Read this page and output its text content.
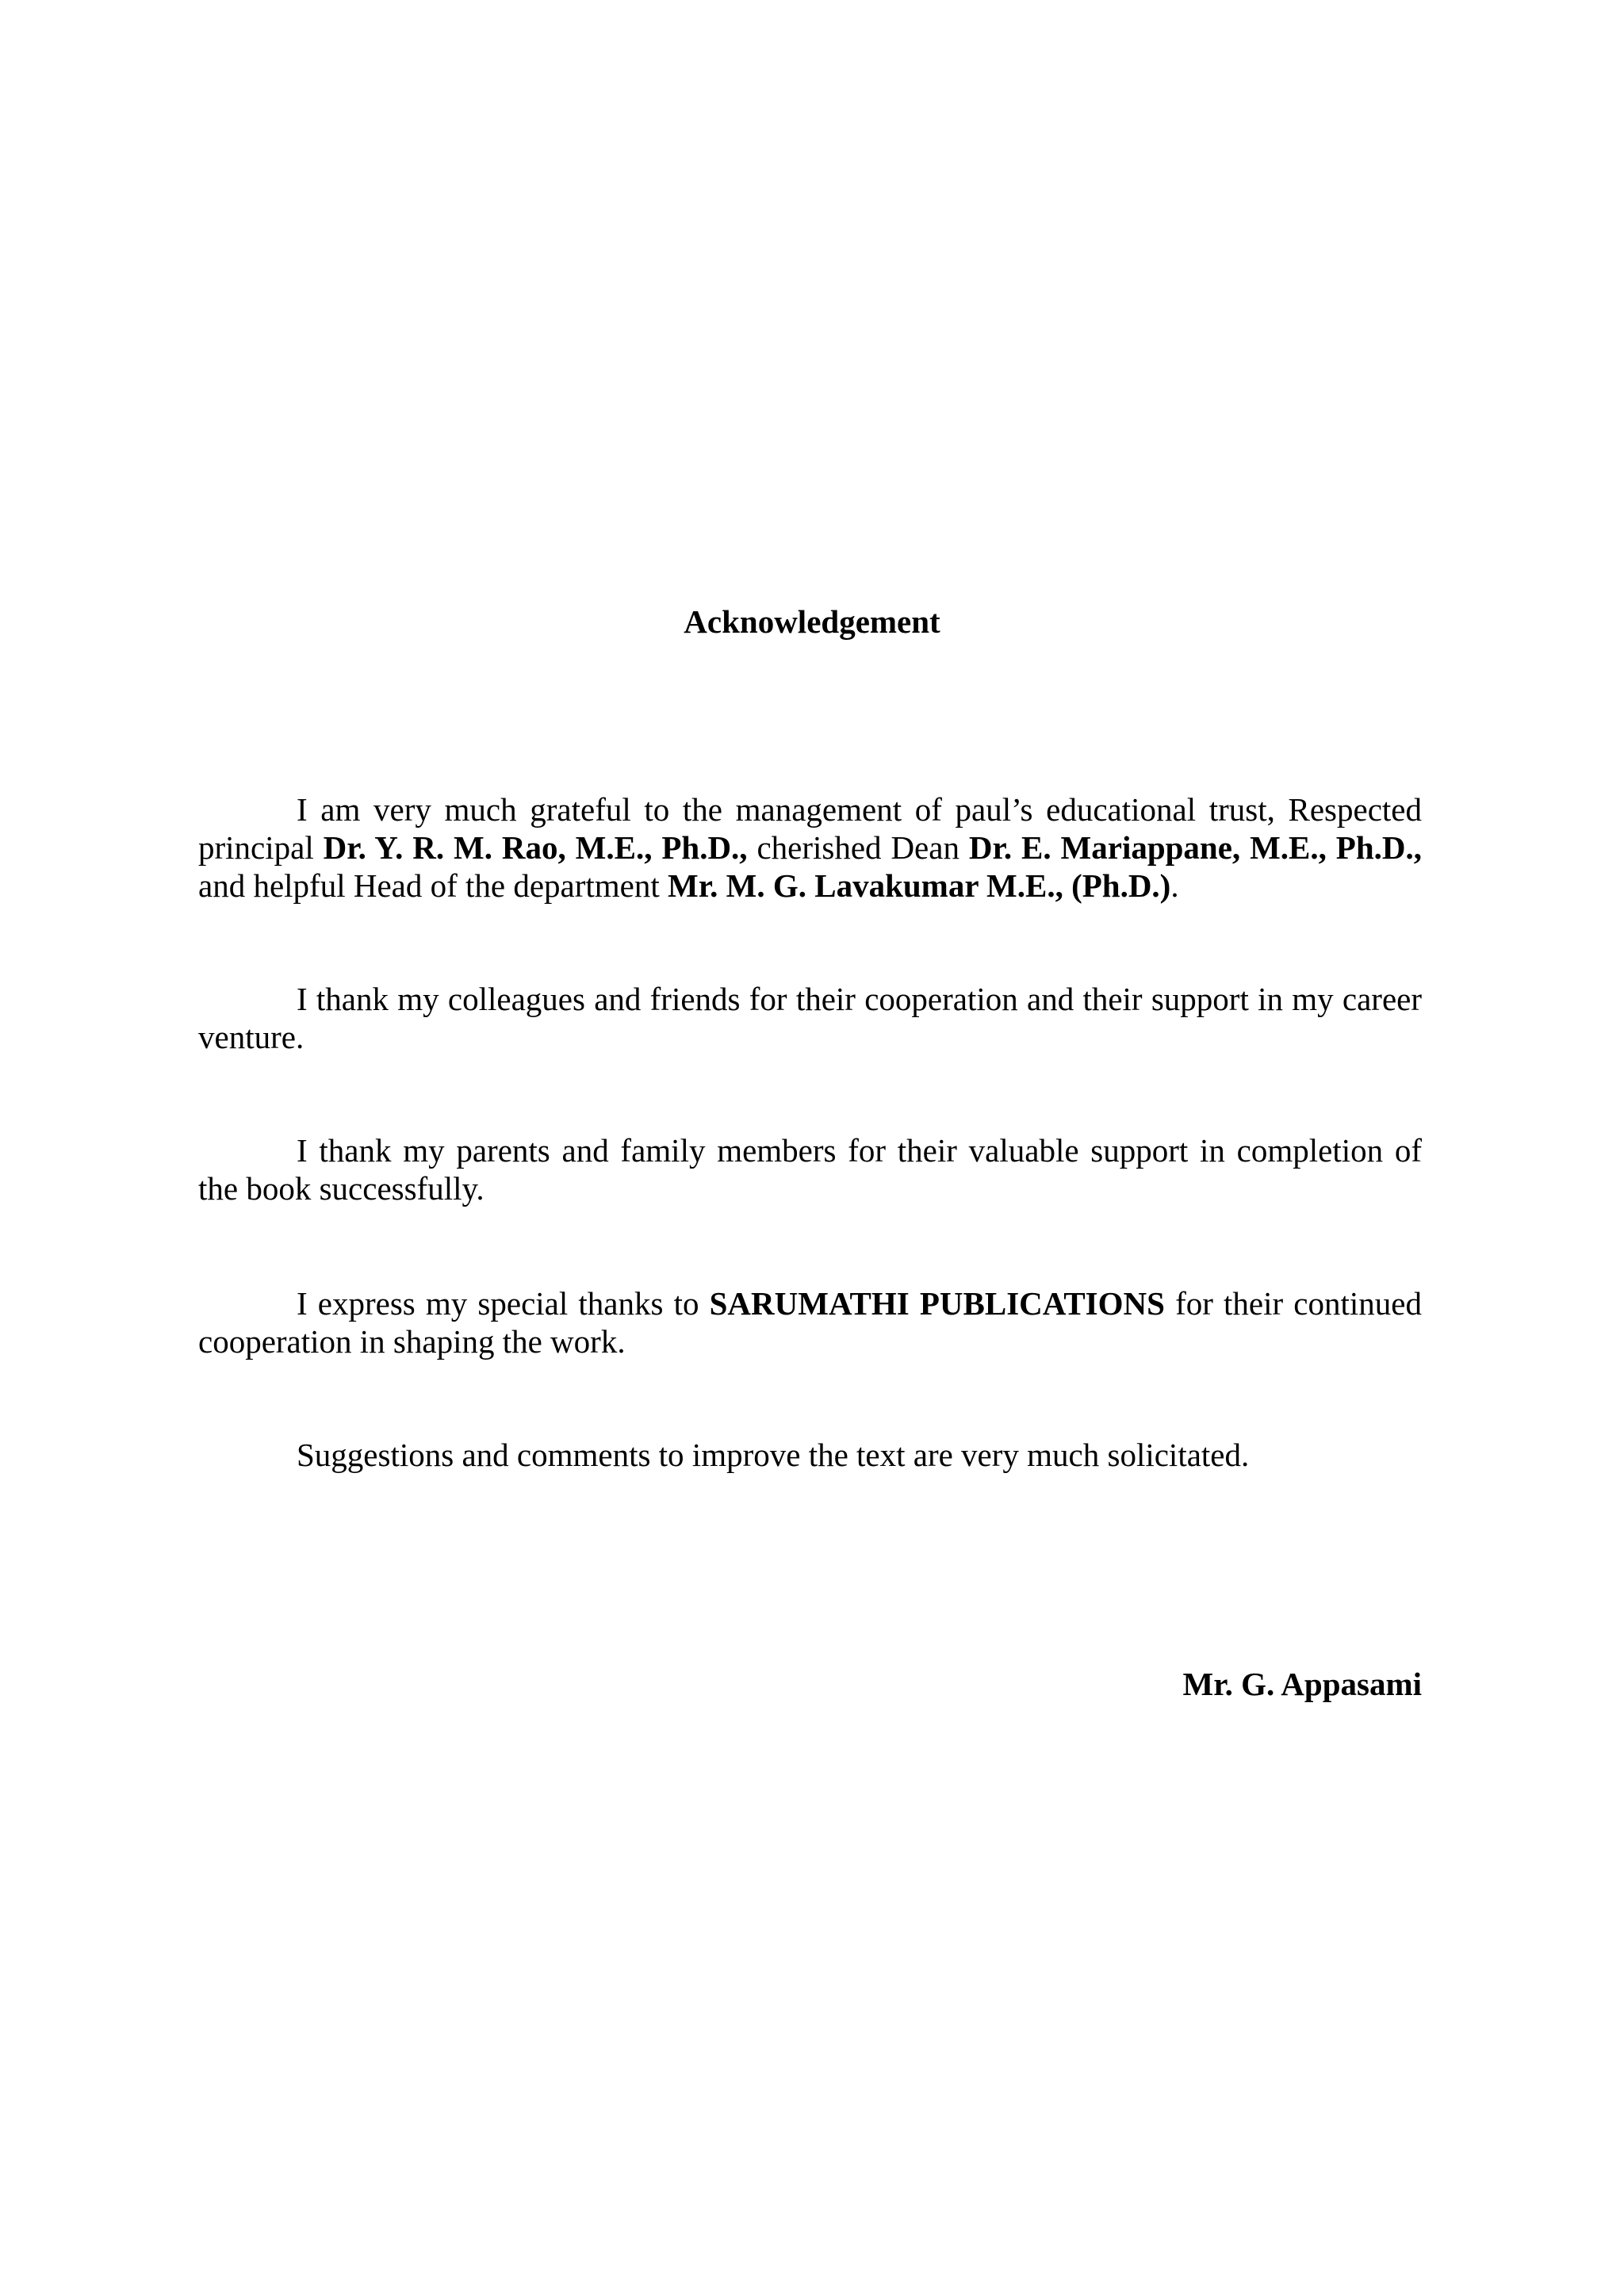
Acknowledgement

I am very much grateful to the management of paul’s educational trust, Respected principal Dr. Y. R. M. Rao, M.E., Ph.D., cherished Dean Dr. E. Mariappane, M.E., Ph.D., and helpful Head of the department Mr. M. G. Lavakumar M.E., (Ph.D.).

I thank my colleagues and friends for their cooperation and their support in my career venture.

I thank my parents and family members for their valuable support in completion of the book successfully.

I express my special thanks to SARUMATHI PUBLICATIONS for their continued cooperation in shaping the work.

Suggestions and comments to improve the text are very much solicitated.

Mr. G. Appasami
